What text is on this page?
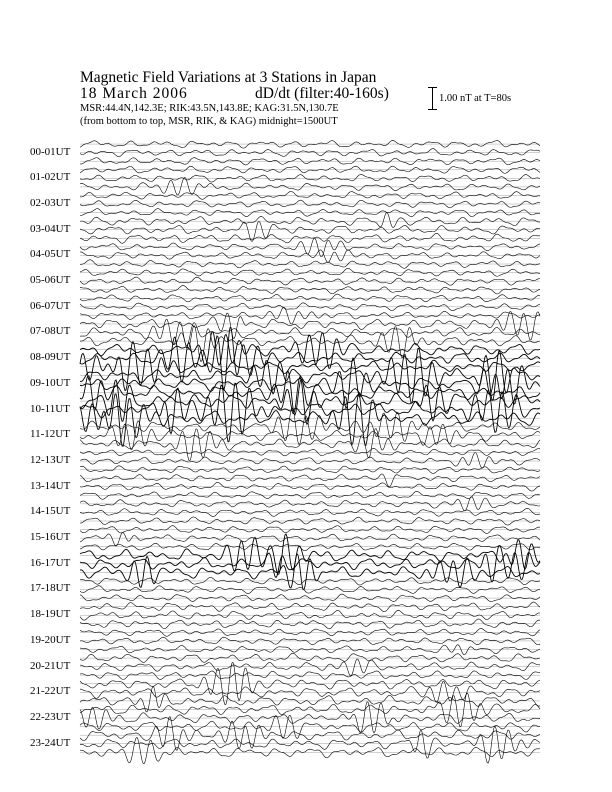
Magnetic Field Variations at 3 Stations in Japan
18 March 2006	dD/dt (filter:40-160s)
MSR:44.4N,142.3E; RIK:43.5N,143.8E; KAG:31.5N,130.7E
(from bottom to top, MSR, RIK, & KAG) midnight=1500UT
1.00 nT at T=80s
00-01UT
01-02UT
02-03UT
03-04UT
04-05UT
05-06UT
06-07UT
07-08UT
08-09UT
09-10UT
10-11UT
11-12UT
12-13UT
13-14UT
14-15UT
15-16UT
16-17UT
17-18UT
18-19UT
19-20UT
20-21UT
21-22UT
22-23UT
23-24UT
